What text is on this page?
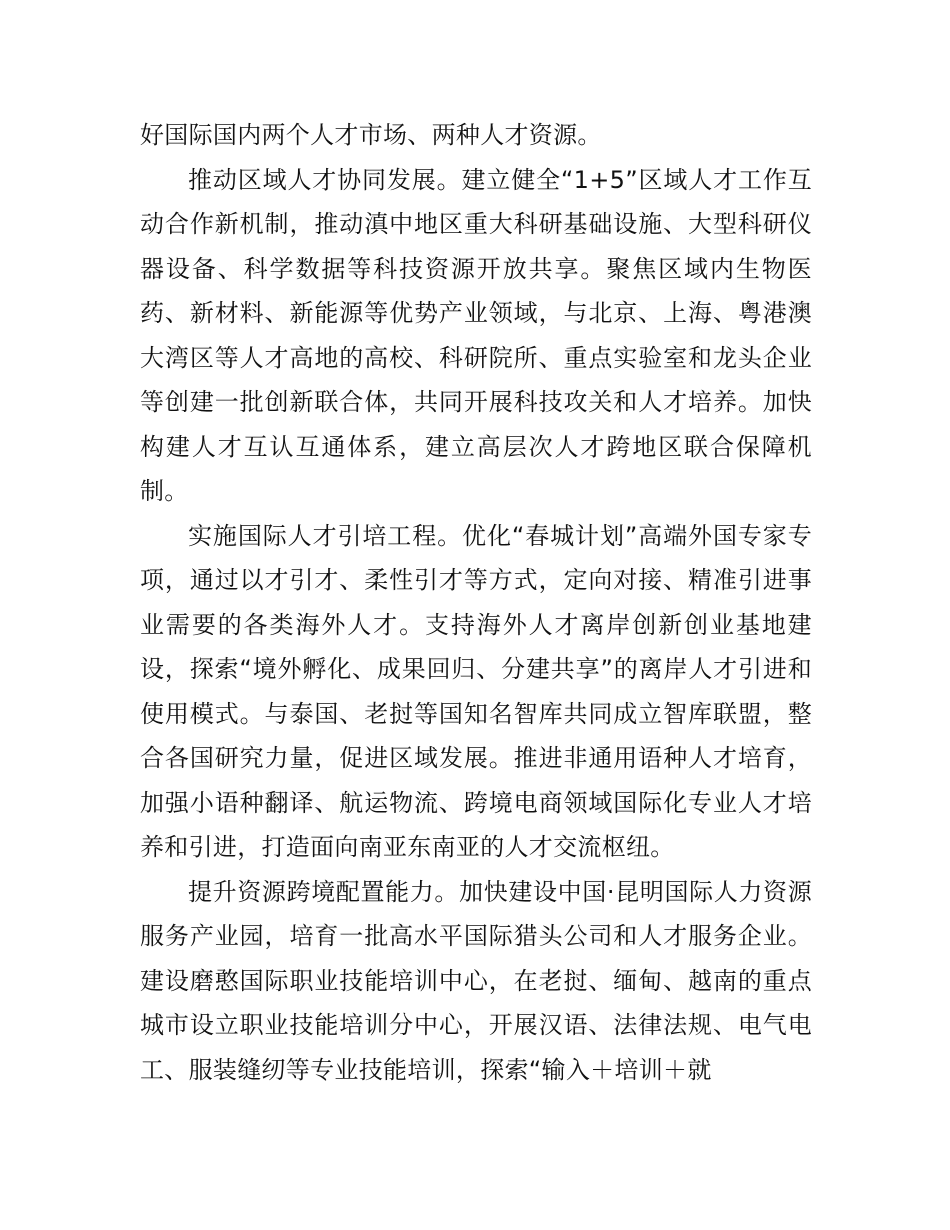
好国际国内两个人才市场、两种人才资源。

推动区域人才协同发展。建立健全“1+5”区域人才工作互动合作新机制，推动滇中地区重大科研基础设施、大型科研仪器设备、科学数据等科技资源开放共享。聚焦区域内生物医药、新材料、新能源等优势产业领域，与北京、上海、粤港澳大湾区等人才高地的高校、科研院所、重点实验室和龙头企业等创建一批创新联合体，共同开展科技攻关和人才培养。加快构建人才互认互通体系，建立高层次人才跨地区联合保障机制。

实施国际人才引培工程。优化“春城计划”高端外国专家专项，通过以才引才、柔性引才等方式，定向对接、精准引进事业需要的各类海外人才。支持海外人才离岸创新创业基地建设，探索“境外孵化、成果回归、分建共享”的离岸人才引进和使用模式。与泰国、老挝等国知名智库共同成立智库联盟，整合各国研究力量，促进区域发展。推进非通用语种人才培育，加强小语种翻译、航运物流、跨境电商领域国际化专业人才培养和引进，打造面向南亚东南亚的人才交流枢纽。

提升资源跨境配置能力。加快建设中国·昆明国际人力资源服务产业园，培育一批高水平国际猎头公司和人才服务企业。建设磨憨国际职业技能培训中心，在老挝、缅甸、越南的重点城市设立职业技能培训分中心，开展汉语、法律法规、电气电工、服装缝纫等专业技能培训，探索“输入＋培训＋就
